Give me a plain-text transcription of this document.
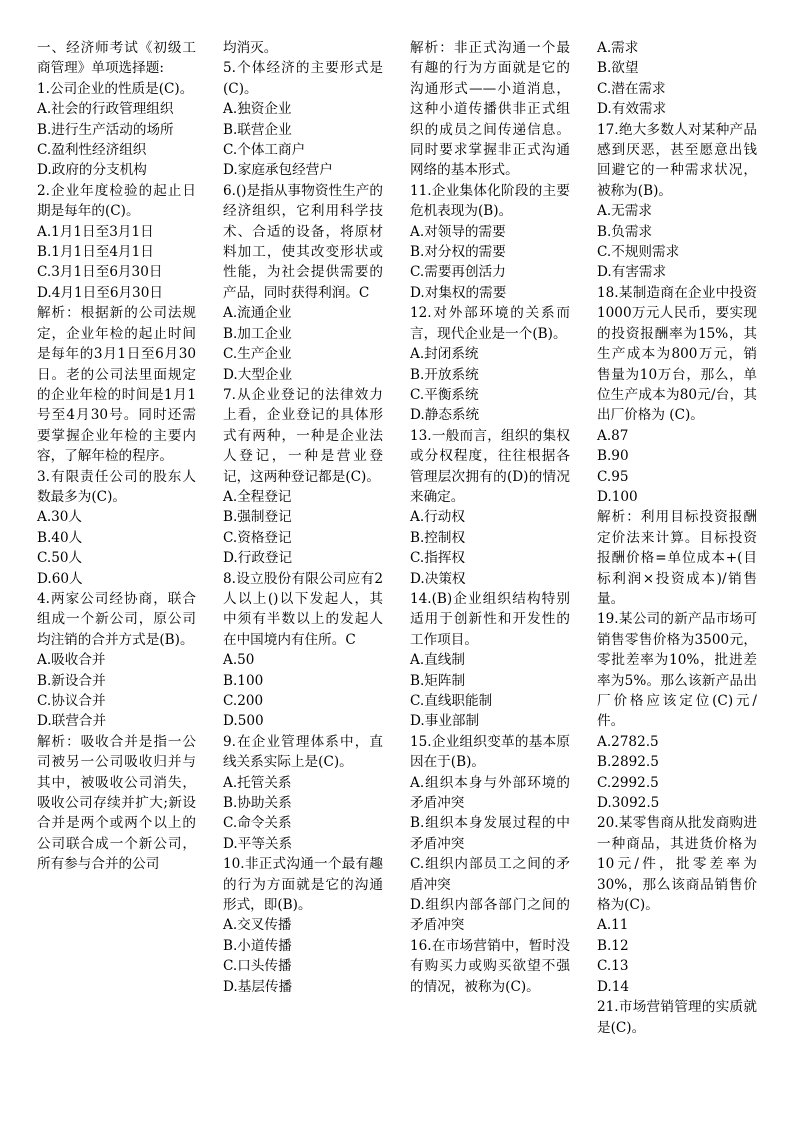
一、经济师考试《初级工商管理》单项选择题:
1.公司企业的性质是(C)。
A.社会的行政管理组织
B.进行生产活动的场所
C.盈利性经济组织
D.政府的分支机构
2.企业年度检验的起止日期是每年的(C)。
A.1月1日至3月1日
B.1月1日至4月1日
C.3月1日至6月30日
D.4月1日至6月30日
解析：根据新的公司法规定，企业年检的起止时间是每年的3月1日至6月30日。老的公司法里面规定的企业年检的时间是1月1号至4月30号。同时还需要掌握企业年检的主要内容，了解年检的程序。
3.有限责任公司的股东人数最多为(C)。
A.30人
B.40人
C.50人
D.60人
4.两家公司经协商，联合组成一个新公司，原公司均注销的合并方式是(B)。
A.吸收合并
B.新设合并
C.协议合并
D.联营合并
解析：吸收合并是指一公司被另一公司吸收归并与其中，被吸收公司消失，吸收公司存续并扩大;新设合并是两个或两个以上的公司联合成一个新公司，所有参与合并的公司
均消灭。
5.个体经济的主要形式是(C)。
A.独资企业
B.联营企业
C.个体工商户
D.家庭承包经营户
6.()是指从事物资性生产的经济组织，它利用科学技术、合适的设备，将原材料加工，使其改变形状或性能，为社会提供需要的产品，同时获得利润。C
A.流通企业
B.加工企业
C.生产企业
D.大型企业
7.从企业登记的法律效力上看，企业登记的具体形式有两种，一种是企业法人登记，一种是营业登记，这两种登记都是(C)。
A.全程登记
B.强制登记
C.资格登记
D.行政登记
8.设立股份有限公司应有2人以上()以下发起人，其中须有半数以上的发起人在中国境内有住所。C
A.50
B.100
C.200
D.500
9.在企业管理体系中，直线关系实际上是(C)。
A.托管关系
B.协助关系
C.命令关系
D.平等关系
10.非正式沟通一个最有趣的行为方面就是它的沟通形式，即(B)。
A.交叉传播
B.小道传播
C.口头传播
D.基层传播
解析：非正式沟通一个最有趣的行为方面就是它的沟通形式——小道消息，这种小道传播供非正式组织的成员之间传递信息。同时要求掌握非正式沟通网络的基本形式。
11.企业集体化阶段的主要危机表现为(B)。
A.对领导的需要
B.对分权的需要
C.需要再创活力
D.对集权的需要
12.对外部环境的关系而言，现代企业是一个(B)。
A.封闭系统
B.开放系统
C.平衡系统
D.静态系统
13.一般而言，组织的集权或分权程度，往往根据各管理层次拥有的(D)的情况来确定。
A.行动权
B.控制权
C.指挥权
D.决策权
14.(B)企业组织结构特别适用于创新性和开发性的工作项目。
A.直线制
B.矩阵制
C.直线职能制
D.事业部制
15.企业组织变革的基本原因在于(B)。
A.组织本身与外部环境的矛盾冲突
B.组织本身发展过程的中矛盾冲突
C.组织内部员工之间的矛盾冲突
D.组织内部各部门之间的矛盾冲突
16.在市场营销中，暂时没有购买力或购买欲望不强的情况，被称为(C)。
A.需求
B.欲望
C.潜在需求
D.有效需求
17.绝大多数人对某种产品感到厌恶，甚至愿意出钱回避它的一种需求状况，被称为(B)。
A.无需求
B.负需求
C.不规则需求
D.有害需求
18.某制造商在企业中投资1000万元人民币，要实现的投资报酬率为15%，其生产成本为800万元，销售量为10万台，那么，单位生产成本为80元/台，其出厂价格为 (C)。
A.87
B.90
C.95
D.100
解析：利用目标投资报酬定价法来计算。目标投资报酬价格=单位成本+(目标利润×投资成本)/销售量。
19.某公司的新产品市场可销售零售价格为3500元，零批差率为10%，批进差率为5%。那么该新产品出厂价格应该定位(C)元/件。
A.2782.5
B.2892.5
C.2992.5
D.3092.5
20.某零售商从批发商购进一种商品，其进货价格为10元/件，批零差率为30%，那么该商品销售价格为(C)。
A.11
B.12
C.13
D.14
21.市场营销管理的实质就是(C)。
